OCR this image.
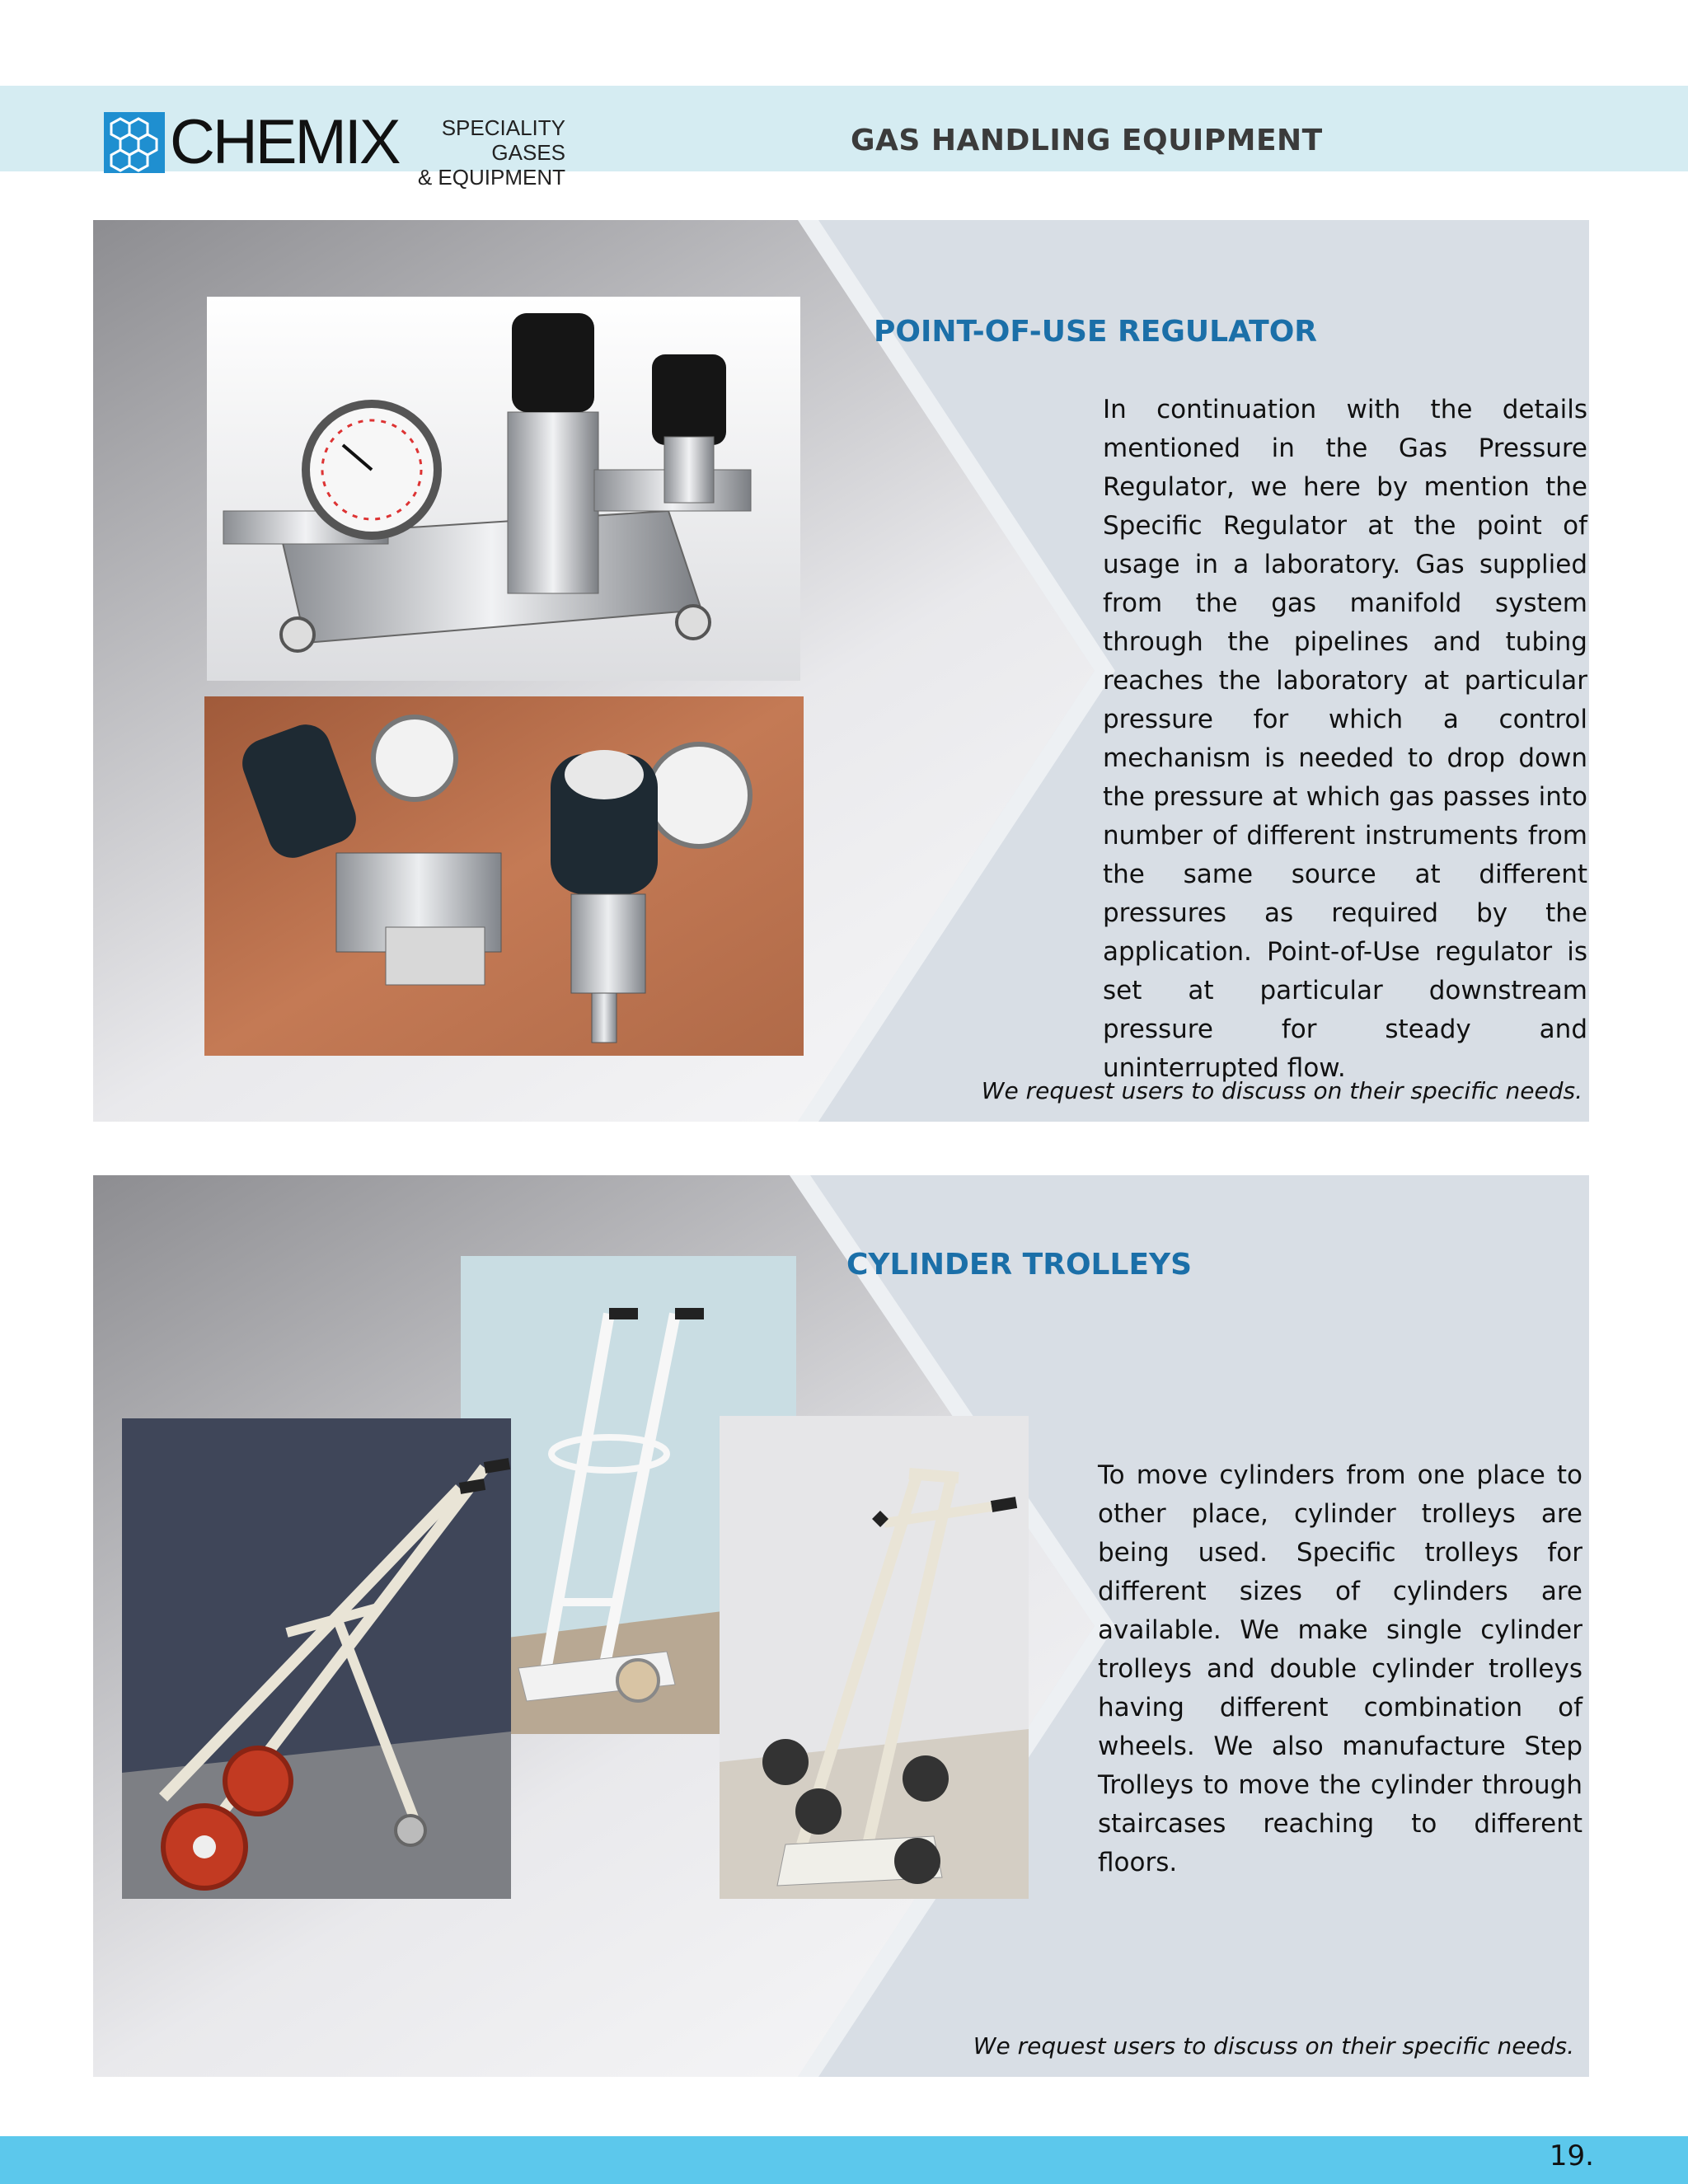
CHEMIX	SPECIALITY GASES
& EQUIPMENT
GAS HANDLING EQUIPMENT
POINT-OF-USE REGULATOR
In continuation with the details mentioned in the Gas Pressure Regulator, we here by mention the Specific Regulator at the point of usage in a laboratory. Gas supplied from the gas manifold system through the pipelines and tubing reaches the laboratory at particular pressure for which a control mechanism is needed to drop down the pressure at which gas passes into number of different instruments from the same source at different pressures as required by the application. Point-of-Use regulator is set at particular downstream pressure for steady and uninterrupted flow.
We request users to discuss on their specific needs.
CYLINDER TROLLEYS
To move cylinders from one place to other place, cylinder trolleys are being used. Specific trolleys for different sizes of cylinders are available. We make single cylinder trolleys and double cylinder trolleys having different combination of wheels. We also manufacture Step Trolleys to move the cylinder through staircases reaching to different floors.
We request users to discuss on their specific needs.
19.
